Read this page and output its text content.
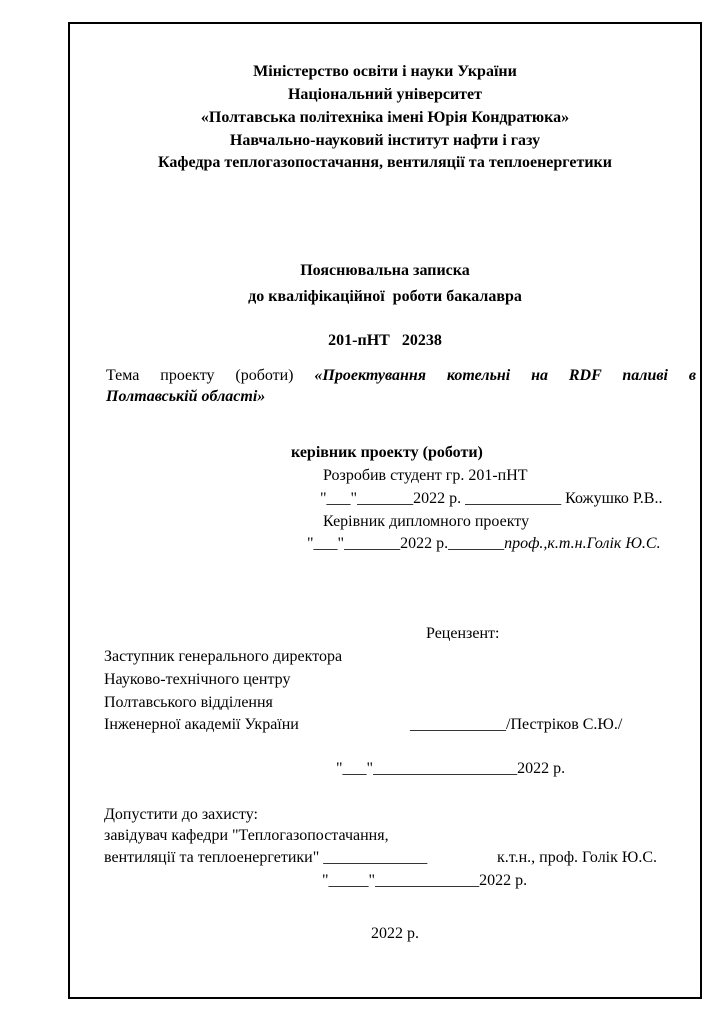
Міністерство освіти і науки України
Національний університет
«Полтавська політехніка імені Юрія Кондратюка»
Навчально-науковий інститут нафти і газу
Кафедра теплогазопостачання, вентиляції та теплоенергетики
Пояснювальна записка
до кваліфікаційної  роботи бакалавра
201-пНТ   20238
Тема проекту (роботи) «Проектування котельні на RDF паливі в
Полтавській області»
керівник проекту (роботи)
Розробив студент гр. 201-пНТ
"___"_______2022 р. ____________ Кожушко Р.В..
Керівник дипломного проекту
"___"_______2022 р._______проф.,к.т.н.Голік Ю.С.
Рецензент:
Заступник генерального директора
Науково-технічного центру
Полтавського відділення
Інженерної академії України	____________/Пестріков С.Ю./
"___"__________________2022 р.
Допустити до захисту:
завідувач кафедри "Теплогазопостачання,
вентиляції та теплоенергетики" _____________	к.т.н., проф. Голік Ю.С.
"_____"_____________2022 р.
2022 р.
